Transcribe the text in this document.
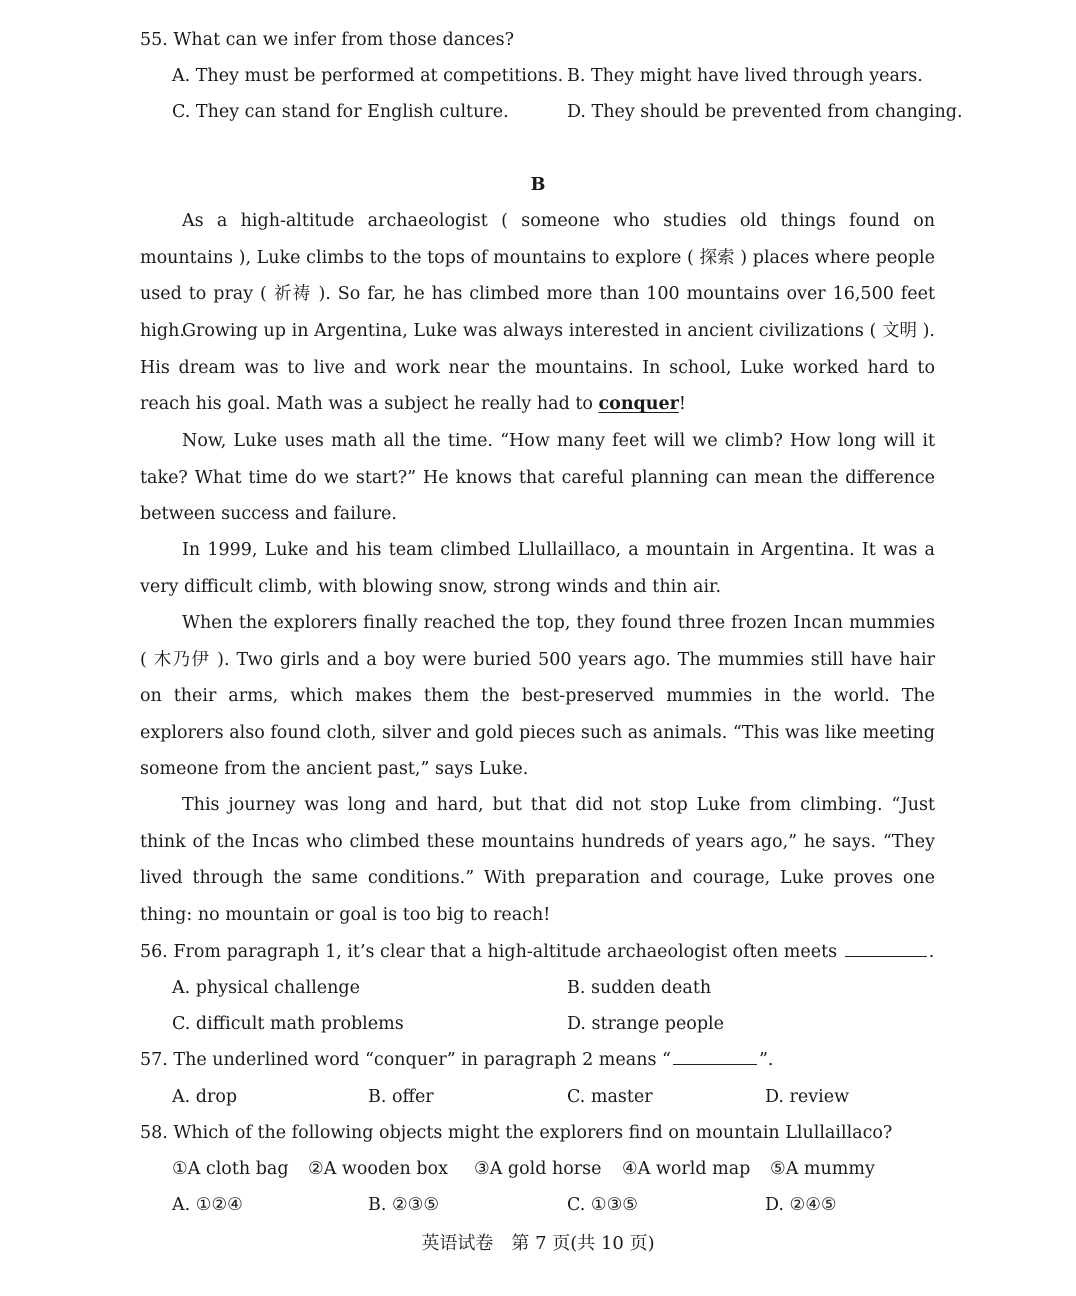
55. What can we infer from those dances?
A. They must be performed at competitions. B. They might have lived through years.
C. They can stand for English culture.	D. They should be prevented from changing.
B
As a high-altitude archaeologist ( someone who studies old things found on mountains ), Luke climbs to the tops of mountains to explore ( 探索 ) places where people used to pray ( 祈祷 ). So far, he has climbed more than 100 mountains over 16,500 feet high.
Growing up in Argentina, Luke was always interested in ancient civilizations ( 文明 ). His dream was to live and work near the mountains. In school, Luke worked hard to reach his goal. Math was a subject he really had to conquer!
Now, Luke uses math all the time. “How many feet will we climb? How long will it take? What time do we start?” He knows that careful planning can mean the difference between success and failure.
In 1999, Luke and his team climbed Llullaillaco, a mountain in Argentina. It was a very difficult climb, with blowing snow, strong winds and thin air.
When the explorers finally reached the top, they found three frozen Incan mummies ( 木乃伊 ). Two girls and a boy were buried 500 years ago. The mummies still have hair on their arms, which makes them the best-preserved mummies in the world. The explorers also found cloth, silver and gold pieces such as animals. “This was like meeting someone from the ancient past,” says Luke.
This journey was long and hard, but that did not stop Luke from climbing. “Just think of the Incas who climbed these mountains hundreds of years ago,” he says. “They lived through the same conditions.” With preparation and courage, Luke proves one thing: no mountain or goal is too big to reach!
56. From paragraph 1, it’s clear that a high-altitude archaeologist often meets	.
A. physical challenge	B. sudden death
C. difficult math problems	D. strange people
57. The underlined word “conquer” in paragraph 2 means “	”.
A. drop	B. offer	C. master	D. review
58. Which of the following objects might the explorers find on mountain Llullaillaco?
①A cloth bag ②A wooden box ③A gold horse ④A world map ⑤A mummy
A. ①②④	B. ②③⑤	C. ①③⑤	D. ②④⑤
英语试卷　第 7 页(共 10 页)
